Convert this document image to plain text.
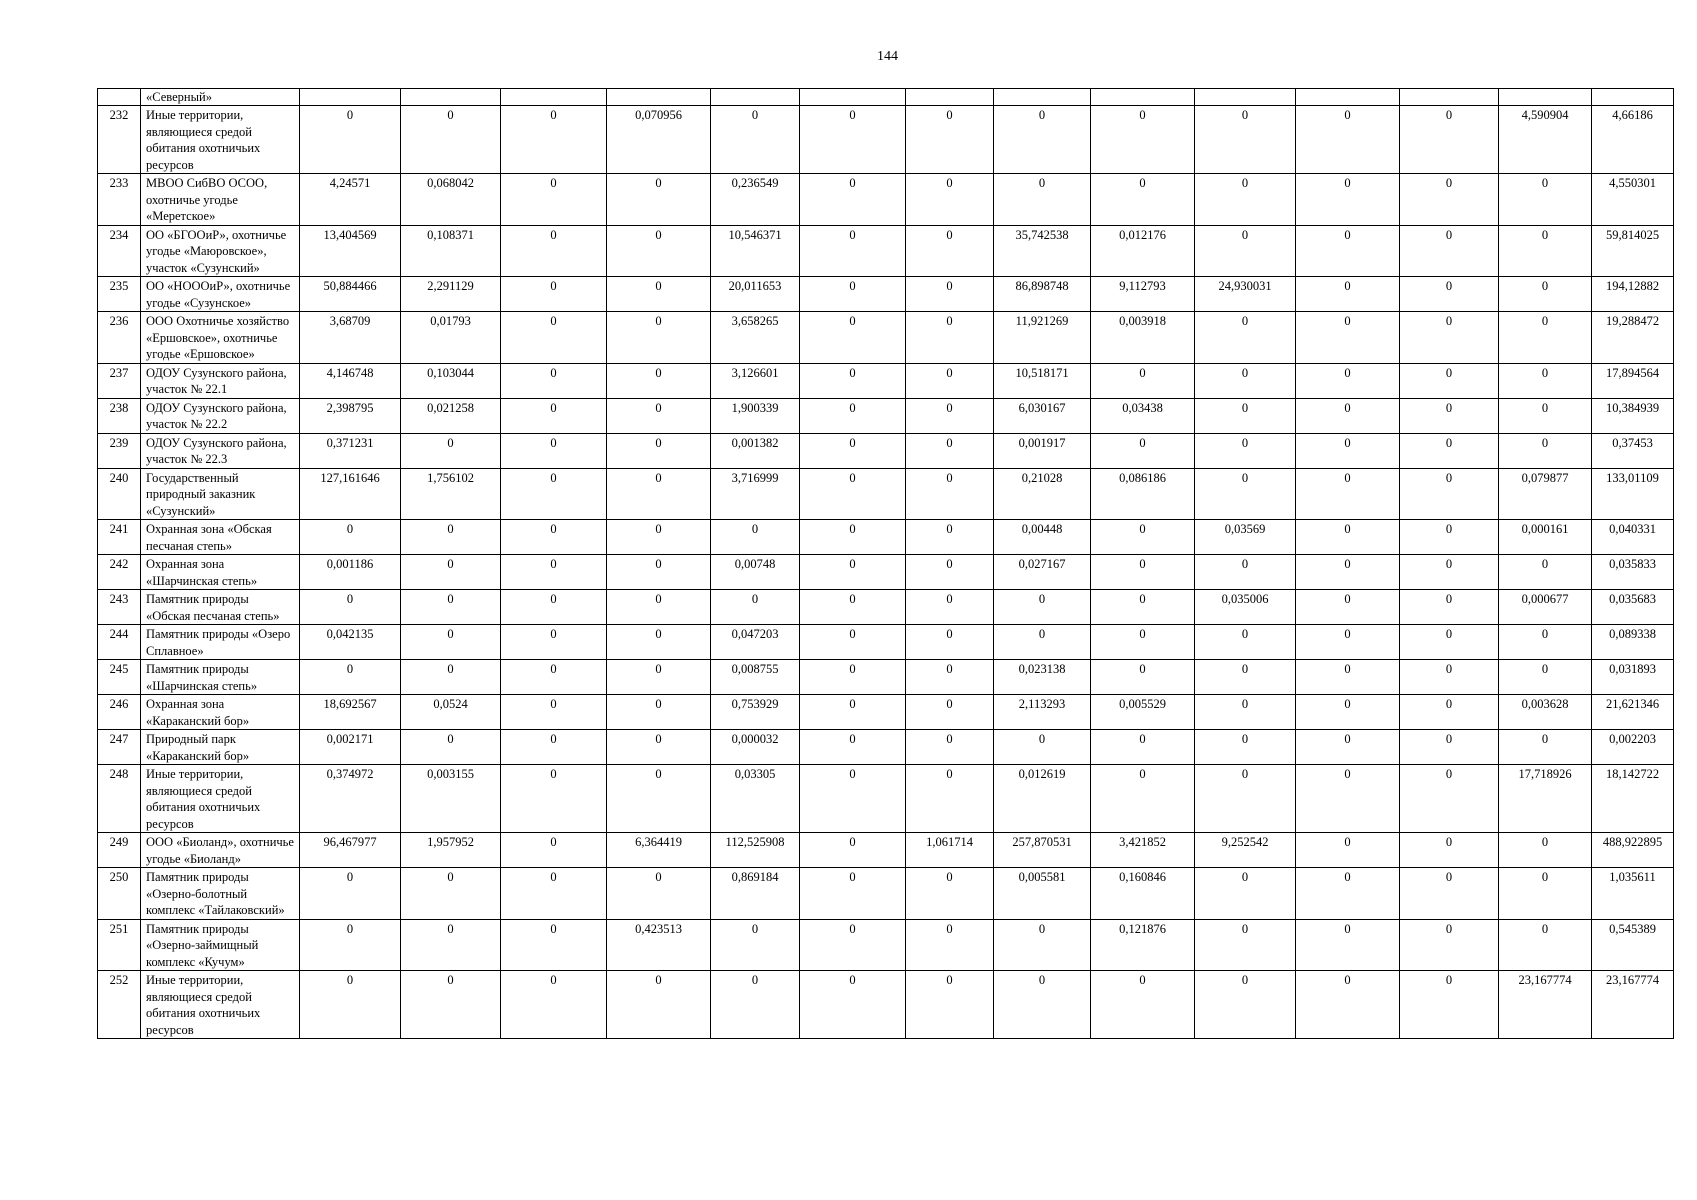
144
	«Северный»														
232	Иные территории, являющиеся средой обитания охотничьих ресурсов	0	0	0	0,070956	0	0	0	0	0	0	0	0	4,590904	4,66186
233	МВОО СибВО ОСОО, охотничье угодье «Меретское»	4,24571	0,068042	0	0	0,236549	0	0	0	0	0	0	0	0	4,550301
234	ОО «БГООиР», охотничье угодье «Маюровское», участок «Сузунский»	13,404569	0,108371	0	0	10,546371	0	0	35,742538	0,012176	0	0	0	0	59,814025
235	ОО «НОООиР», охотничье угодье «Сузунское»	50,884466	2,291129	0	0	20,011653	0	0	86,898748	9,112793	24,930031	0	0	0	194,12882
236	ООО Охотничье хозяйство «Ершовское», охотничье угодье «Ершовское»	3,68709	0,01793	0	0	3,658265	0	0	11,921269	0,003918	0	0	0	0	19,288472
237	ОДОУ Сузунского района, участок № 22.1	4,146748	0,103044	0	0	3,126601	0	0	10,518171	0	0	0	0	0	17,894564
238	ОДОУ Сузунского района, участок № 22.2	2,398795	0,021258	0	0	1,900339	0	0	6,030167	0,03438	0	0	0	0	10,384939
239	ОДОУ Сузунского района, участок № 22.3	0,371231	0	0	0	0,001382	0	0	0,001917	0	0	0	0	0	0,37453
240	Государственный природный заказник «Сузунский»	127,161646	1,756102	0	0	3,716999	0	0	0,21028	0,086186	0	0	0	0,079877	133,01109
241	Охранная зона «Обская песчаная степь»	0	0	0	0	0	0	0	0,00448	0	0,03569	0	0	0,000161	0,040331
242	Охранная зона «Шарчинская степь»	0,001186	0	0	0	0,00748	0	0	0,027167	0	0	0	0	0	0,035833
243	Памятник природы «Обская песчаная степь»	0	0	0	0	0	0	0	0	0	0,035006	0	0	0,000677	0,035683
244	Памятник природы «Озеро Сплавное»	0,042135	0	0	0	0,047203	0	0	0	0	0	0	0	0	0,089338
245	Памятник природы «Шарчинская степь»	0	0	0	0	0,008755	0	0	0,023138	0	0	0	0	0	0,031893
246	Охранная зона «Караканский бор»	18,692567	0,0524	0	0	0,753929	0	0	2,113293	0,005529	0	0	0	0,003628	21,621346
247	Природный парк «Караканский бор»	0,002171	0	0	0	0,000032	0	0	0	0	0	0	0	0	0,002203
248	Иные территории, являющиеся средой обитания охотничьих ресурсов	0,374972	0,003155	0	0	0,03305	0	0	0,012619	0	0	0	0	17,718926	18,142722
249	ООО «Биоланд», охотничье угодье «Биоланд»	96,467977	1,957952	0	6,364419	112,525908	0	1,061714	257,870531	3,421852	9,252542	0	0	0	488,922895
250	Памятник природы «Озерно-болотный комплекс «Тайлаковский»	0	0	0	0	0,869184	0	0	0,005581	0,160846	0	0	0	0	1,035611
251	Памятник природы «Озерно-займищный комплекс «Кучум»	0	0	0	0,423513	0	0	0	0	0,121876	0	0	0	0	0,545389
252	Иные территории, являющиеся средой обитания охотничьих ресурсов	0	0	0	0	0	0	0	0	0	0	0	0	23,167774	23,167774
